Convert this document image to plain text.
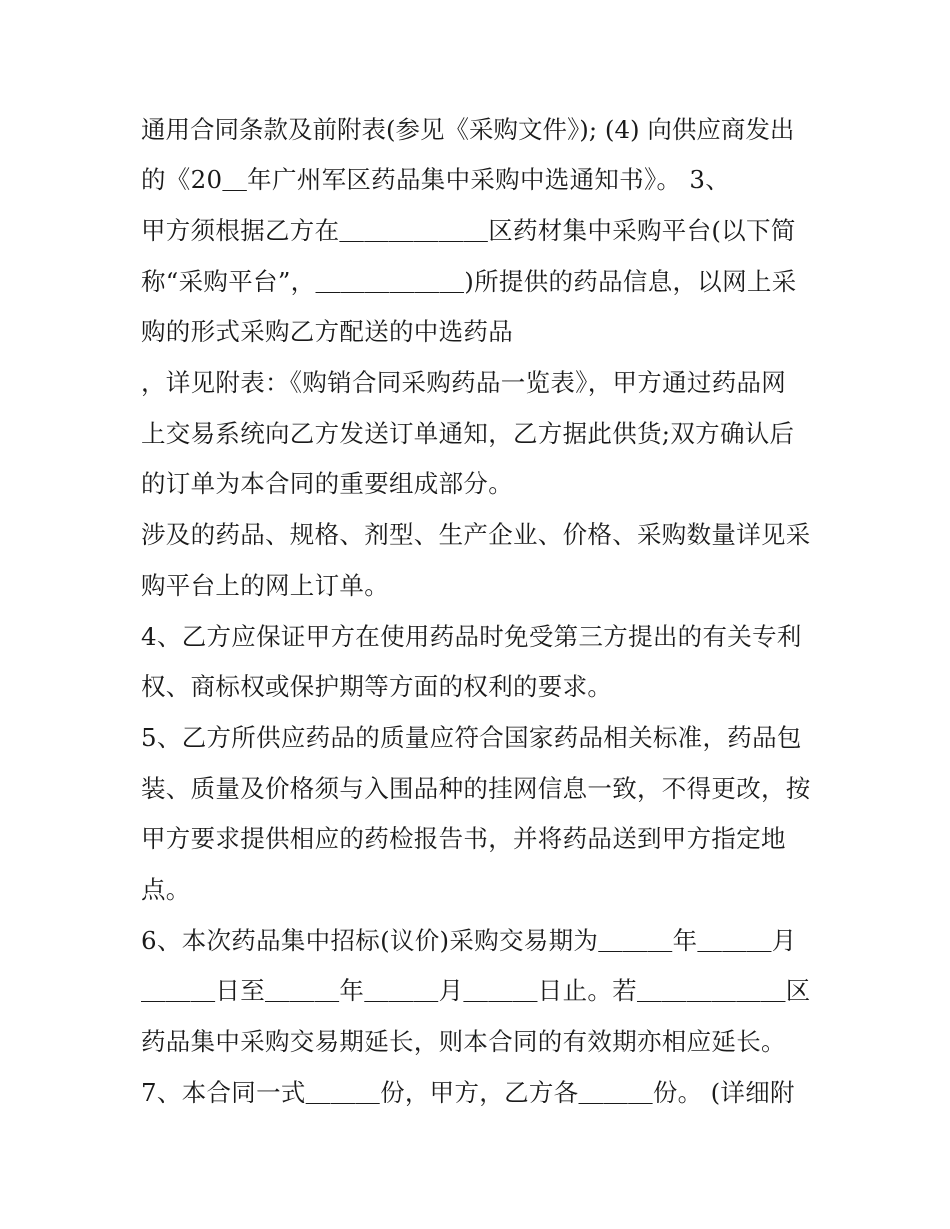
通用合同条款及前附表(参见《采购文件》); (4) 向供应商发出
的《20＿年广州军区药品集中采购中选通知书》。 3、
甲方须根据乙方在＿＿＿＿＿＿区药材集中采购平台(以下简
称“采购平台”，＿＿＿＿＿＿)所提供的药品信息，以网上采
购的形式采购乙方配送的中选药品
，详见附表：《购销合同采购药品一览表》，甲方通过药品网
上交易系统向乙方发送订单通知，乙方据此供货;双方确认后
的订单为本合同的重要组成部分。
涉及的药品、规格、剂型、生产企业、价格、采购数量详见采
购平台上的网上订单。
4、乙方应保证甲方在使用药品时免受第三方提出的有关专利
权、商标权或保护期等方面的权利的要求。
5、乙方所供应药品的质量应符合国家药品相关标准，药品包
装、质量及价格须与入围品种的挂网信息一致，不得更改，按
甲方要求提供相应的药检报告书，并将药品送到甲方指定地
点。
6、本次药品集中招标(议价)采购交易期为＿＿＿年＿＿＿月
＿＿＿日至＿＿＿年＿＿＿月＿＿＿日止。若＿＿＿＿＿＿区
药品集中采购交易期延长，则本合同的有效期亦相应延长。
7、本合同一式＿＿＿份，甲方，乙方各＿＿＿份。 (详细附
